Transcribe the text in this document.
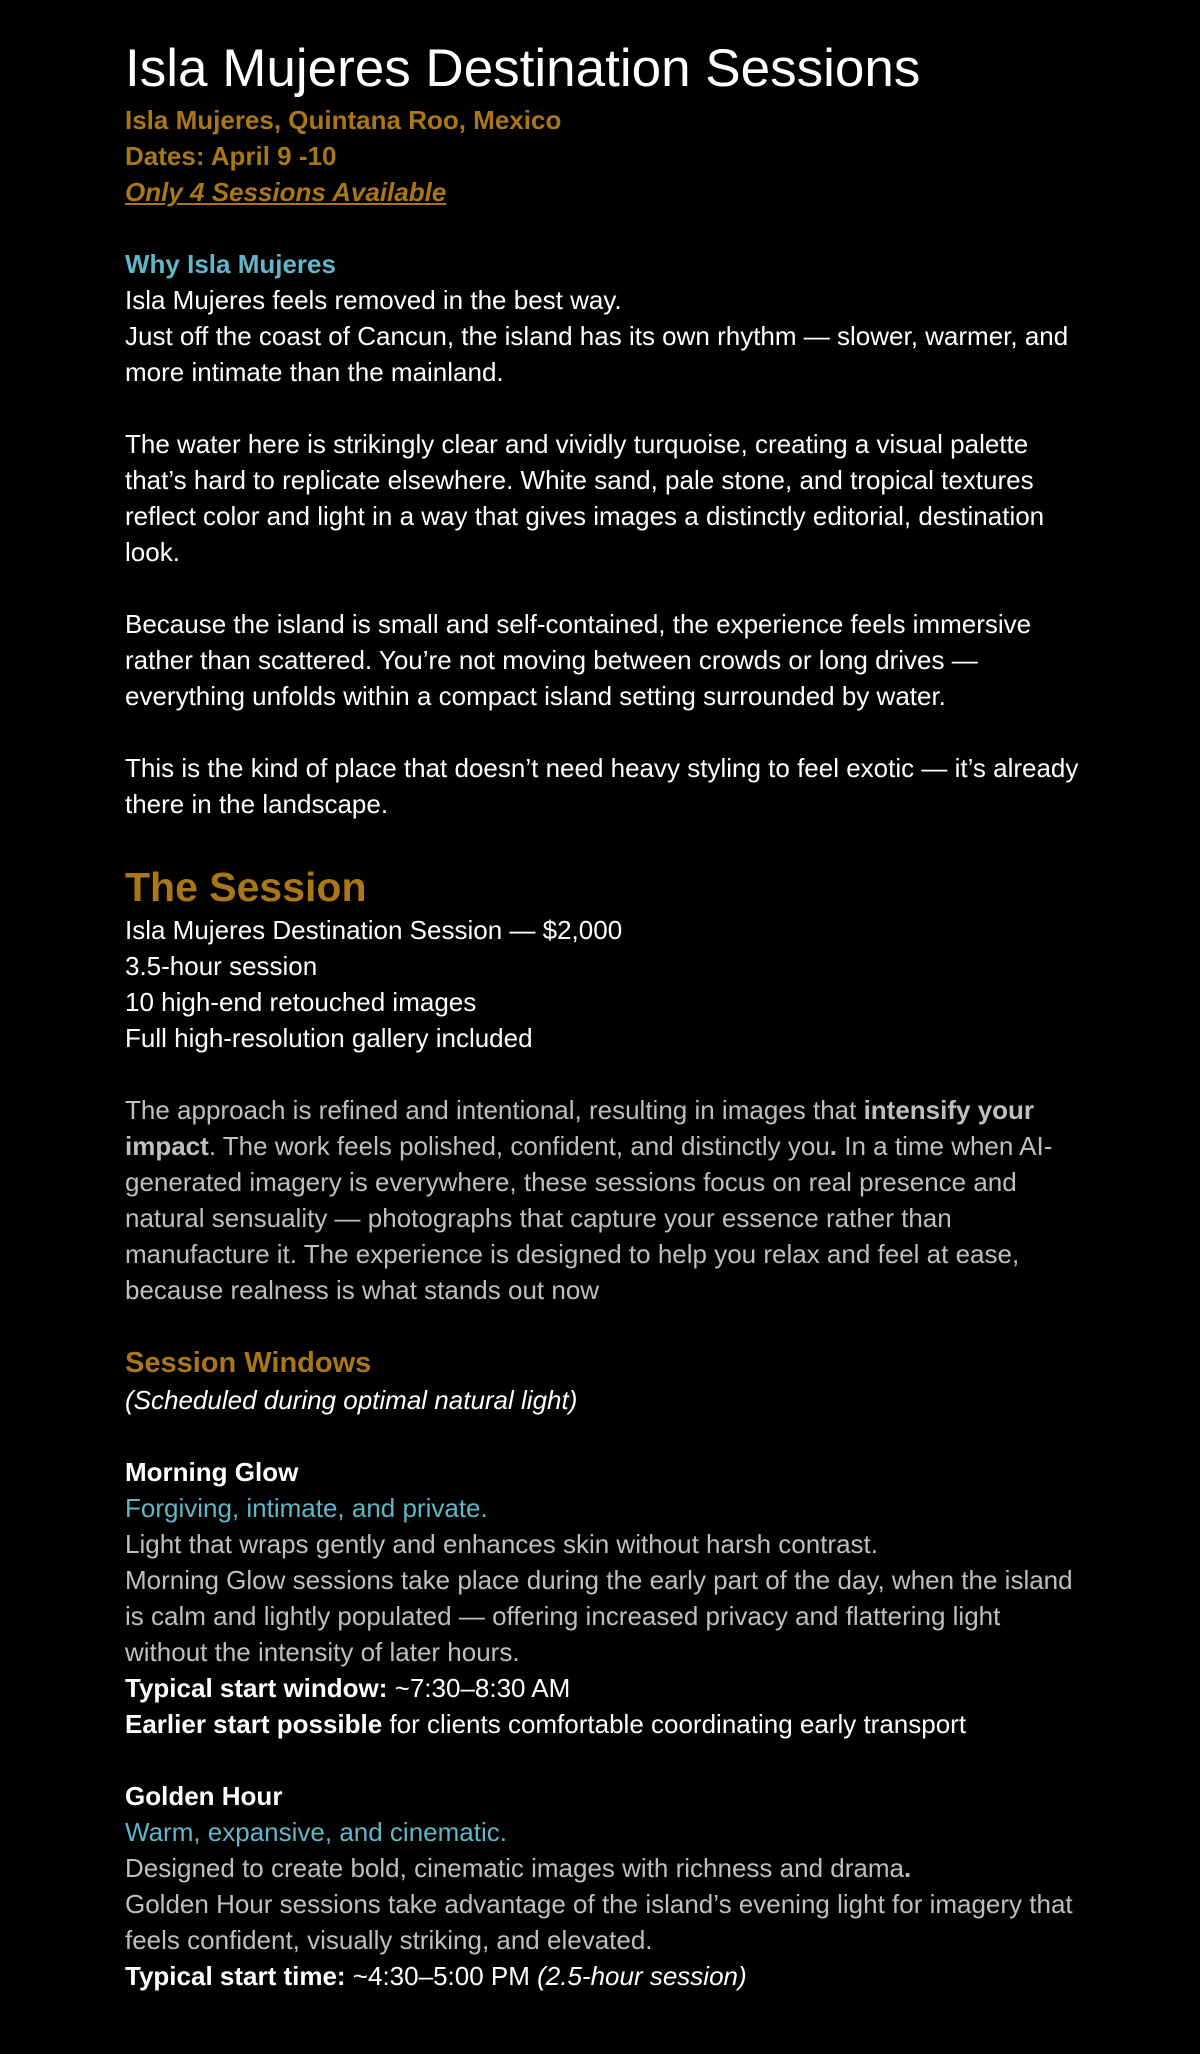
Isla Mujeres Destination Sessions
Isla Mujeres, Quintana Roo, Mexico
Dates: April 9 -10
Only 4 Sessions Available
Why Isla Mujeres

Isla Mujeres feels removed in the best way.

Just off the coast of Cancun, the island has its own rhythm — slower, warmer, and more intimate than the mainland.

The water here is strikingly clear and vividly turquoise, creating a visual palette that’s hard to replicate elsewhere. White sand, pale stone, and tropical textures reflect color and light in a way that gives images a distinctly editorial, destination look.

Because the island is small and self-contained, the experience feels immersive rather than scattered. You’re not moving between crowds or long drives — everything unfolds within a compact island setting surrounded by water.

This is the kind of place that doesn’t need heavy styling to feel exotic — it’s already there in the landscape.

The Session

Isla Mujeres Destination Session — $2,000

3.5-hour session

10 high-end retouched images

Full high-resolution gallery included

The approach is refined and intentional, resulting in images that intensify your impact. The work feels polished, confident, and distinctly you. In a time when AI-generated imagery is everywhere, these sessions focus on real presence and natural sensuality — photographs that capture your essence rather than manufacture it. The experience is designed to help you relax and feel at ease, because realness is what stands out now

Session Windows

(Scheduled during optimal natural light)

Morning Glow

Forgiving, intimate, and private.

Light that wraps gently and enhances skin without harsh contrast.

Morning Glow sessions take place during the early part of the day, when the island is calm and lightly populated — offering increased privacy and flattering light without the intensity of later hours.

Typical start window: ~7:30–8:30 AM

Earlier start possible for clients comfortable coordinating early transport

Golden Hour

Warm, expansive, and cinematic.

Designed to create bold, cinematic images with richness and drama.

Golden Hour sessions take advantage of the island’s evening light for imagery that feels confident, visually striking, and elevated.

Typical start time: ~4:30–5:00 PM (2.5-hour session)
